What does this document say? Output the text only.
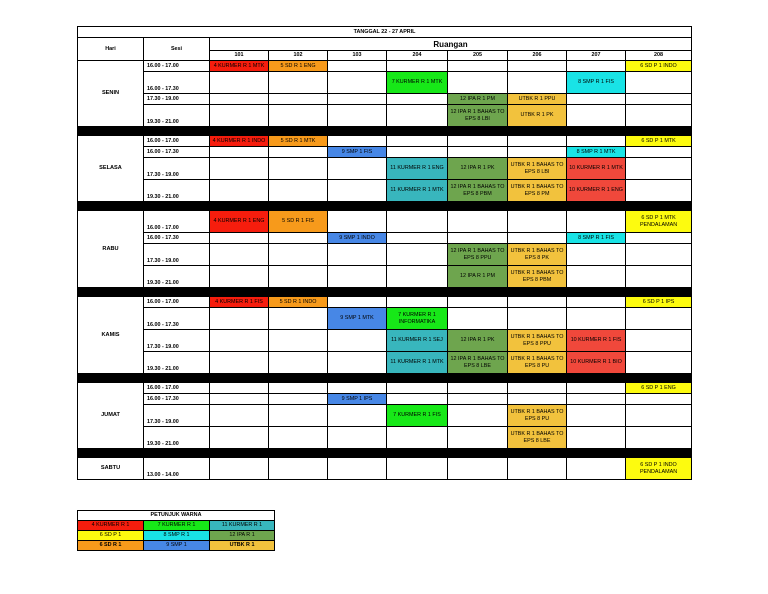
TANGGAL 22 - 27 APRIL									
Hari	Sesi	Ruangan							
		101	102	103	204	205	206	207	208
SENIN	16.00 - 17.00	4 KURMER R 1 MTK	5 SD R 1 ENG						6 SD P 1 INDO
	16.00 - 17.30				7 KURMER R 1 MTK			8 SMP R 1 FIS	
	17.30 - 19.00					12 IPA R 1 PM	UTBK R 1 PPU		
	19.30 - 21.00					12 IPA R 1 BAHAS TO EPS 8 LBI	UTBK R 1 PK		

SELASA	16.00 - 17.00	4 KURMER R 1 INDO	5 SD R 1 MTK						6 SD P 1 MTK
	16.00 - 17.30			9 SMP 1 FIS				8 SMP R 1 MTK	
	17.30 - 19.00				11 KURMER R 1 ENG	12 IPA R 1 PK	UTBK R 1 BAHAS TO EPS 8 LBI	10 KURMER R 1 MTK	
	19.30 - 21.00				11 KURMER R 1 MTK	12 IPA R 1 BAHAS TO EPS 8 PBM	UTBK R 1 BAHAS TO EPS 8 PM	10 KURMER R 1 ENG	

RABU	16.00 - 17.00	4 KURMER R 1 ENG	5 SD R 1 FIS						6 SD P 1 MTK PENDALAMAN
	16.00 - 17.30			9 SMP 1 INDO				8 SMP R 1 FIS	
	17.30 - 19.00					12 IPA R 1 BAHAS TO EPS 8 PPU	UTBK R 1 BAHAS TO EPS 8 PK		
	19.30 - 21.00					12 IPA R 1 PM	UTBK R 1 BAHAS TO EPS 8 PBM		

KAMIS	16.00 - 17.00	4 KURMER R 1 FIS	5 SD R 1 INDO						6 SD P 1 IPS
	16.00 - 17.30			9 SMP 1 MTK	7 KURMER R 1 INFORMATIKA				
	17.30 - 19.00				11 KURMER R 1 SEJ	12 IPA R 1 PK	UTBK R 1 BAHAS TO EPS 8 PPU	10 KURMER R 1 FIS	
	19.30 - 21.00				11 KURMER R 1 MTK	12 IPA R 1 BAHAS TO EPS 8 LBE	UTBK R 1 BAHAS TO EPS 8 PU	10 KURMER R 1 BIO	

JUMAT	16.00 - 17.00								6 SD P 1 ENG
	16.00 - 17.30			9 SMP 1 IPS					
	17.30 - 19.00				7 KURMER R 1 FIS		UTBK R 1 BAHAS TO EPS 8 PU		
	19.30 - 21.00						UTBK R 1 BAHAS TO EPS 8 LBE		

SABTU	13.00 - 14.00								6 SD P 1 INDO PENDALAMAN
PETUNJUK WARNA		
4 KURMER R 1	7 KURMER R 1	11 KURMER R 1
6 SD P 1	8 SMP R 1	12 IPA R 1
6 SD R 1	9 SMP 1	UTBK R 1
